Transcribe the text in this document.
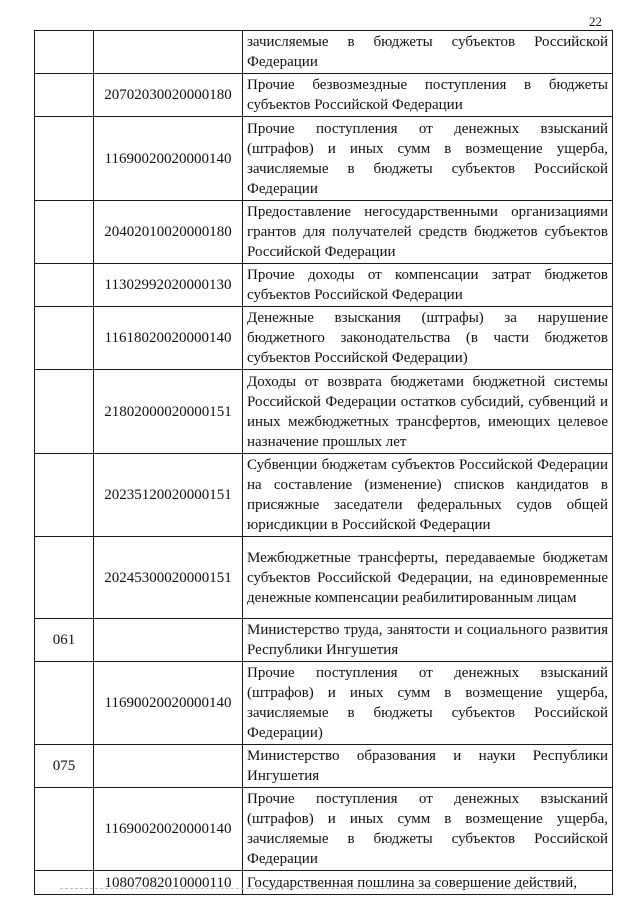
22
		зачисляемые в бюджеты субъектов Российской Федерации
	20702030020000180	Прочие безвозмездные поступления в бюджеты субъектов Российской Федерации
	11690020020000140	Прочие поступления от денежных взысканий (штрафов) и иных сумм в возмещение ущерба, зачисляемые в бюджеты субъектов Российской Федерации
	20402010020000180	Предоставление негосударственными организациями грантов для получателей средств бюджетов субъектов Российской Федерации
	11302992020000130	Прочие доходы от компенсации затрат бюджетов субъектов Российской Федерации
	11618020020000140	Денежные взыскания (штрафы) за нарушение бюджетного законодательства (в части бюджетов субъектов Российской Федерации)
	21802000020000151	Доходы от возврата бюджетами бюджетной системы Российской Федерации остатков субсидий, субвенций и иных межбюджетных трансфертов, имеющих целевое назначение прошлых лет
	20235120020000151	Субвенции бюджетам субъектов Российской Федерации на составление (изменение) списков кандидатов в присяжные заседатели федеральных судов общей юрисдикции в Российской Федерации
	20245300020000151	Межбюджетные трансферты, передаваемые бюджетам субъектов Российской Федерации, на единовременные денежные компенсации реабилитированным лицам
061		Министерство труда, занятости и социального развития Республики Ингушетия
	11690020020000140	Прочие поступления от денежных взысканий (штрафов) и иных сумм в возмещение ущерба, зачисляемые в бюджеты субъектов Российской Федерации)
075		Министерство образования и науки Республики Ингушетия
	11690020020000140	Прочие поступления от денежных взысканий (штрафов) и иных сумм в возмещение ущерба, зачисляемые в бюджеты субъектов Российской Федерации
	10807082010000110	Государственная пошлина за совершение действий,
